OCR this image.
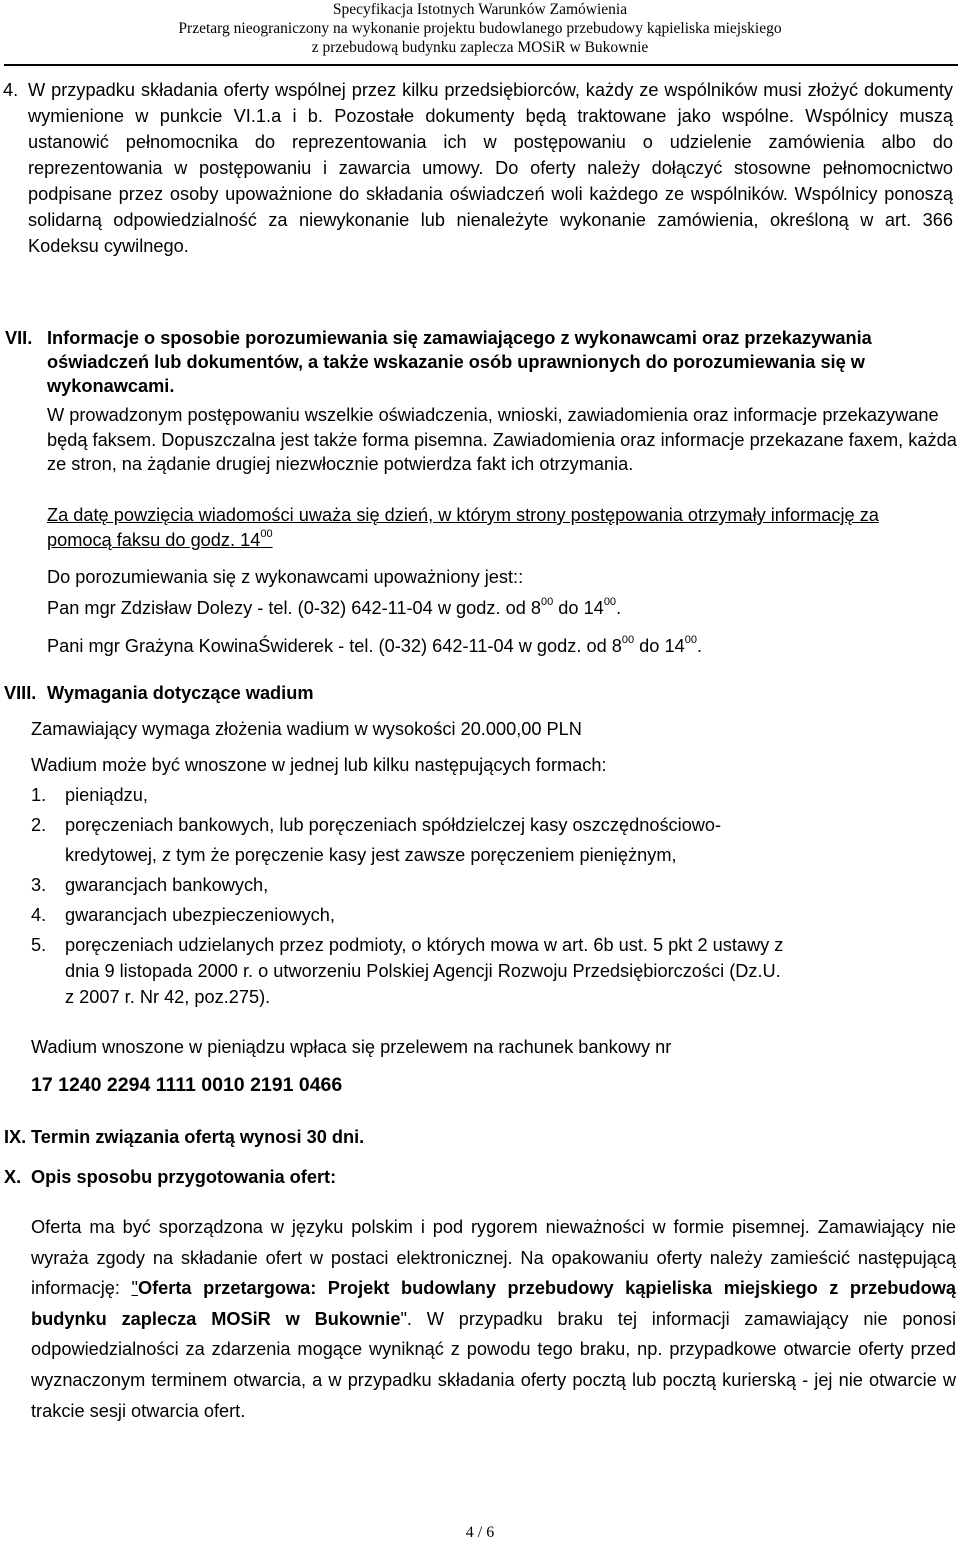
Specyfikacja Istotnych Warunków Zamówienia
Przetarg nieograniczony na wykonanie projektu budowlanego przebudowy kąpieliska miejskiego
z przebudową budynku zaplecza MOSiR w Bukownie
4. W przypadku składania oferty wspólnej przez kilku przedsiębiorców, każdy ze wspólników musi złożyć dokumenty wymienione w punkcie VI.1.a i b. Pozostałe dokumenty będą traktowane jako wspólne. Wspólnicy muszą ustanowić pełnomocnika do reprezentowania ich w postępowaniu o udzielenie zamówienia albo do reprezentowania w postępowaniu i zawarcia umowy. Do oferty należy dołączyć stosowne pełnomocnictwo podpisane przez osoby upoważnione do składania oświadczeń woli każdego ze wspólników. Wspólnicy ponoszą solidarną odpowiedzialność za niewykonanie lub nienależyte wykonanie zamówienia, określoną w art. 366 Kodeksu cywilnego.
VII. Informacje o sposobie porozumiewania się zamawiającego z wykonawcami oraz przekazywania oświadczeń lub dokumentów, a także wskazanie osób uprawnionych do porozumiewania się w wykonawcami.
W prowadzonym postępowaniu wszelkie oświadczenia, wnioski, zawiadomienia oraz informacje przekazywane będą faksem. Dopuszczalna jest także forma pisemna. Zawiadomienia oraz informacje przekazane faxem, każda ze stron, na żądanie drugiej niezwłocznie potwierdza fakt ich otrzymania.
Za datę powzięcia wiadomości uważa się dzień, w którym strony postępowania otrzymały informację za pomocą faksu do godz. $14^{00}$
Do porozumiewania się z wykonawcami upoważniony jest::
Pan mgr Zdzisław Dolezy - tel. (0-32) 642-11-04 w godz. od $8^{00}$ do $14^{00}$.
Pani mgr Grażyna KowinaŚwiderek - tel. (0-32) 642-11-04 w godz. od $8^{00}$ do $14^{00}$.
VIII. Wymagania dotyczące wadium
Zamawiający wymaga złożenia wadium w wysokości 20.000,00 PLN
Wadium może być wnoszone w jednej lub kilku następujących formach:
1. pieniądzu,
2. poręczeniach bankowych, lub poręczeniach spółdzielczej kasy oszczędnościowo-
kredytowej, z tym że poręczenie kasy jest zawsze poręczeniem pieniężnym,
3. gwarancjach bankowych,
4. gwarancjach ubezpieczeniowych,
5. poręczeniach udzielanych przez podmioty, o których mowa w art. 6b ust. 5 pkt 2 ustawy z
dnia 9 listopada 2000 r. o utworzeniu Polskiej Agencji Rozwoju Przedsiębiorczości (Dz.U.
z 2007 r. Nr 42, poz.275).
Wadium wnoszone w pieniądzu wpłaca się przelewem na rachunek bankowy nr
17 1240 2294 1111 0010 2191 0466
IX. Termin związania ofertą wynosi 30 dni.
X. Opis sposobu przygotowania ofert:
Oferta ma być sporządzona w języku polskim i pod rygorem nieważności w formie pisemnej. Zamawiający nie wyraża zgody na składanie ofert w postaci elektronicznej. Na opakowaniu oferty należy zamieścić następującą informację: "Oferta przetargowa: Projekt budowlany przebudowy kąpieliska miejskiego z przebudową budynku zaplecza MOSiR w Bukownie". W przypadku braku tej informacji zamawiający nie ponosi odpowiedzialności za zdarzenia mogące wyniknąć z powodu tego braku, np. przypadkowe otwarcie oferty przed wyznaczonym terminem otwarcia, a w przypadku składania oferty pocztą lub pocztą kurierską - jej nie otwarcie w trakcie sesji otwarcia ofert.
4 / 6
